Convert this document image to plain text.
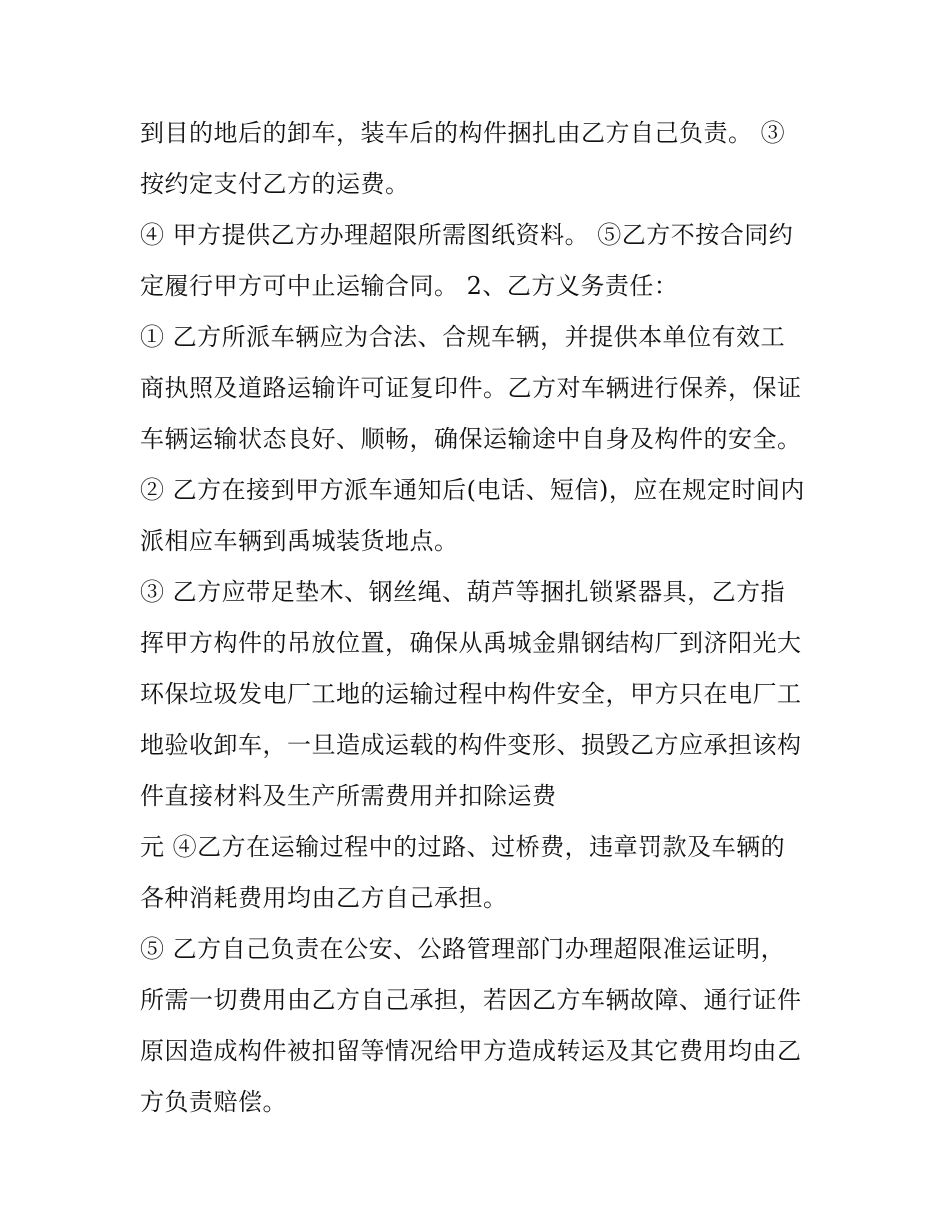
到目的地后的卸车，装车后的构件捆扎由乙方自己负责。 ③
按约定支付乙方的运费。
④ 甲方提供乙方办理超限所需图纸资料。 ⑤乙方不按合同约
定履行甲方可中止运输合同。 2、乙方义务责任：
① 乙方所派车辆应为合法、合规车辆，并提供本单位有效工
商执照及道路运输许可证复印件。乙方对车辆进行保养，保证
车辆运输状态良好、顺畅，确保运输途中自身及构件的安全。
② 乙方在接到甲方派车通知后(电话、短信)，应在规定时间内
派相应车辆到禹城装货地点。
③ 乙方应带足垫木、钢丝绳、葫芦等捆扎锁紧器具，乙方指
挥甲方构件的吊放位置，确保从禹城金鼎钢结构厂到济阳光大
环保垃圾发电厂工地的运输过程中构件安全，甲方只在电厂工
地验收卸车，一旦造成运载的构件变形、损毁乙方应承担该构
件直接材料及生产所需费用并扣除运费
元 ④乙方在运输过程中的过路、过桥费，违章罚款及车辆的
各种消耗费用均由乙方自己承担。
⑤ 乙方自己负责在公安、公路管理部门办理超限准运证明，
所需一切费用由乙方自己承担，若因乙方车辆故障、通行证件
原因造成构件被扣留等情况给甲方造成转运及其它费用均由乙
方负责赔偿。
